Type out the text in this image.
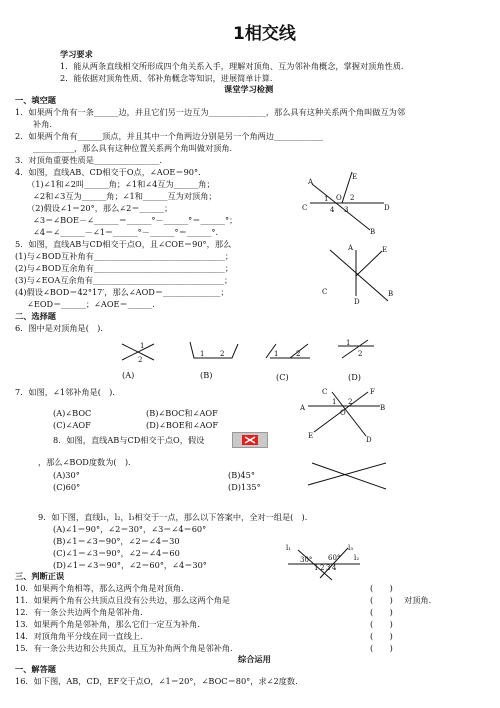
1相交线
学习要求
1．能从两条直线相交所形成四个角关系入手，理解对顶角、互为邻补角概念，掌握对顶角性质.
2．能依据对顶角性质、邻补角概念等知识，进展简单计算.
课堂学习检测
一、填空题
1．如果两个角有一条______边，并且它们另一边互为______________，那么具有这种关系两个角叫做互为邻
补角.
2．如果两个角有______顶点，并且其中一个角两边分别是另一个角两边____________
__________，那么具有这种位置关系两个角叫做对顶角.
3．对顶角重要性质是________________.
4．如图，直线AB、CD相交于O点，∠AOE＝90°.
（1)∠1和∠2叫______角；∠1和∠4互为______角；
∠2和∠3互为______角；∠1和______互为对顶角；
（2)假设∠1＝20°，那么∠2＝______；
∠3＝∠BOE－∠______＝______°－______°＝______°；
∠4＝∠______－∠1＝______°－______°＝______°.
5．如图，直线AB与CD相交于点O，且∠COE＝90°，那么
(1)与∠BOD互补角有________________________________；
(2)与∠BOD互余角有________________________________；
(3)与∠EOA互余角有________________________________；
(4)假设∠BOD＝42°17′，那么∠AOD＝______________；
∠EOD＝______；∠AOE＝______.
A
E
C	D
B
O
1	2
3
4
C
A
D
B
E
二、选择题
6．图中是对顶角是(　).
1
2
1 2	1	2
1
2
(A)	(B)	(C)	(D)
7．如图，∠1邻补角是(　).
(A)∠BOC	(B)∠BOC和∠AOF
(C)∠AOF	(D)∠BOE和∠AOF
F
B
A
O
C
E	D
1 2
8．如图，直线AB与CD相交于点O，假设
，那么∠BOD度数为(　).
(A)30°	(B)45°
(C)60°	(D)135°
9．如下图，直线l₁，l₂，l₃相交于一点，那么以下答案中，全对一组是(　).
(A)∠1＝90°，∠2＝30°，∠3＝∠4＝60°
(B)∠1＝∠3＝90°，∠2＝∠4＝30
(C)∠1＝∠3＝90°，∠2＝∠4＝60
(D)∠1＝∠3＝90°，∠2＝60°，∠4＝30°
l₁
l₂
l₃
30° 60°
1 2 3 4
三、判断正误
10．如果两个角相等，那么这两个角是对顶角.	(　　)
11．如果两个角有公共顶点且没有公共边，那么这两个角是	(　　) 对顶角.
12．有一条公共边两个角是邻补角.	(　　)
13．如果两个角是邻补角，那么它们一定互为补角.	(　　)
14．对顶角角平分线在同一直线上.	(　　)
15．有一条公共边和公共顶点，且互为补角两个角是邻补角.	(　　)
综合运用
一、解答题
16．如下图，AB，CD，EF交于点O，∠1＝20°，∠BOC＝80°，求∠2度数.
